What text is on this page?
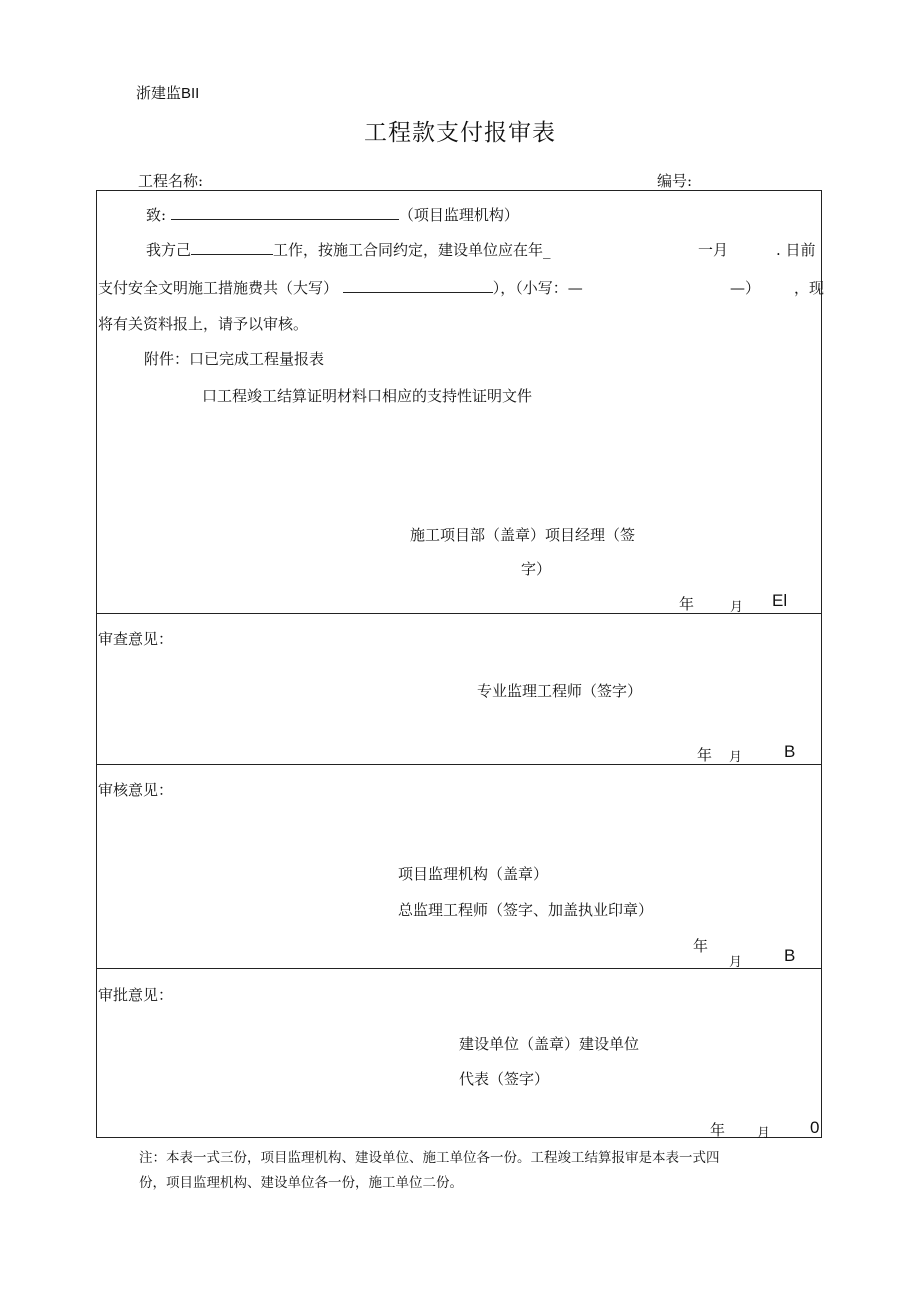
浙建监BII
工程款支付报审表
工程名称:	编号:
致:	（项目监理机构）
我方己	工作，按施工合同约定，建设单位应在年_	一月	. 日前
支付安全文明施工措施费共（大写）	），（小写：—	—） ，现
将有关资料报上，请予以审核。
附件：口已完成工程量报表
口工程竣工结算证明材料口相应的支持性证明文件
施工项目部（盖章）项目经理（签
字）
年	月 El
审查意见：
专业监理工程师（签字）
年 月 B
审核意见：
项目监理机构（盖章）
总监理工程师（签字、加盖执业印章）
年
月 B
审批意见：
建设单位（盖章）建设单位
代表（签字）
年 月 0
注：本表一式三份，项目监理机构、建设单位、施工单位各一份。工程竣工结算报审是本表一式四
份，项目监理机构、建设单位各一份，施工单位二份。
